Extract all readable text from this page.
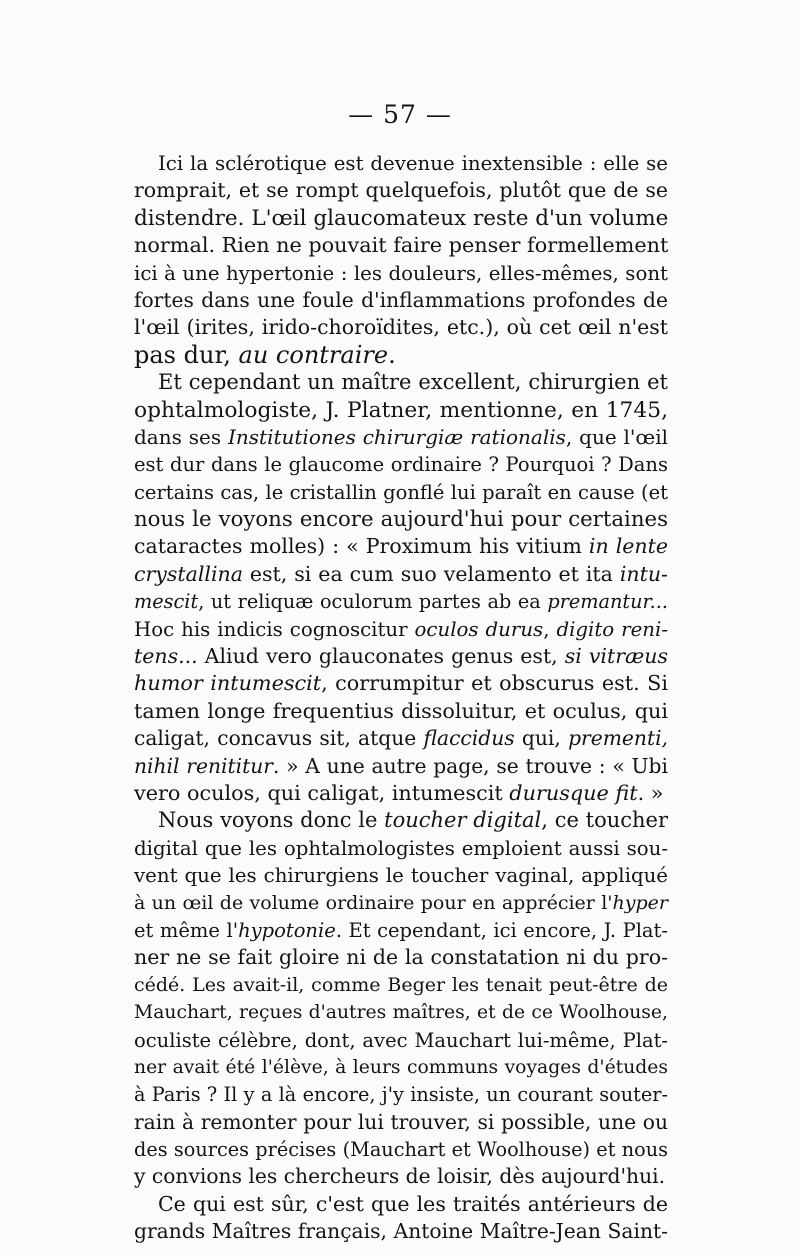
— 57 —
Ici la sclérotique est devenue inextensible : elle se
romprait, et se rompt quelquefois, plutôt que de se
distendre. L'œil glaucomateux reste d'un volume
normal. Rien ne pouvait faire penser formellement
ici à une hypertonie : les douleurs, elles-mêmes, sont
fortes dans une foule d'inflammations profondes de
l'œil (irites, irido-choroïdites, etc.), où cet œil n'est
pas dur, au contraire.
Et cependant un maître excellent, chirurgien et
ophtalmologiste, J. Platner, mentionne, en 1745,
dans ses Institutiones chirurgiæ rationalis, que l'œil
est dur dans le glaucome ordinaire ? Pourquoi ? Dans
certains cas, le cristallin gonflé lui paraît en cause (et
nous le voyons encore aujourd'hui pour certaines
cataractes molles) : « Proximum his vitium in lente
crystallina est, si ea cum suo velamento et ita intu-
mescit, ut reliquæ oculorum partes ab ea premantur...
Hoc his indicis cognoscitur oculos durus, digito reni-
tens... Aliud vero glauconates genus est, si vitræus
humor intumescit, corrumpitur et obscurus est. Si
tamen longe frequentius dissoluitur, et oculus, qui
caligat, concavus sit, atque flaccidus qui, prementi,
nihil renititur. » A une autre page, se trouve : « Ubi
vero oculos, qui caligat, intumescit durusque fit. »
Nous voyons donc le toucher digital, ce toucher
digital que les ophtalmologistes emploient aussi sou-
vent que les chirurgiens le toucher vaginal, appliqué
à un œil de volume ordinaire pour en apprécier l'hyper
et même l'hypotonie. Et cependant, ici encore, J. Plat-
ner ne se fait gloire ni de la constatation ni du pro-
cédé. Les avait-il, comme Beger les tenait peut-être de
Mauchart, reçues d'autres maîtres, et de ce Woolhouse,
oculiste célèbre, dont, avec Mauchart lui-même, Plat-
ner avait été l'élève, à leurs communs voyages d'études
à Paris ? Il y a là encore, j'y insiste, un courant souter-
rain à remonter pour lui trouver, si possible, une ou
des sources précises (Mauchart et Woolhouse) et nous
y convions les chercheurs de loisir, dès aujourd'hui.
Ce qui est sûr, c'est que les traités antérieurs de
grands Maîtres français, Antoine Maître-Jean Saint-
